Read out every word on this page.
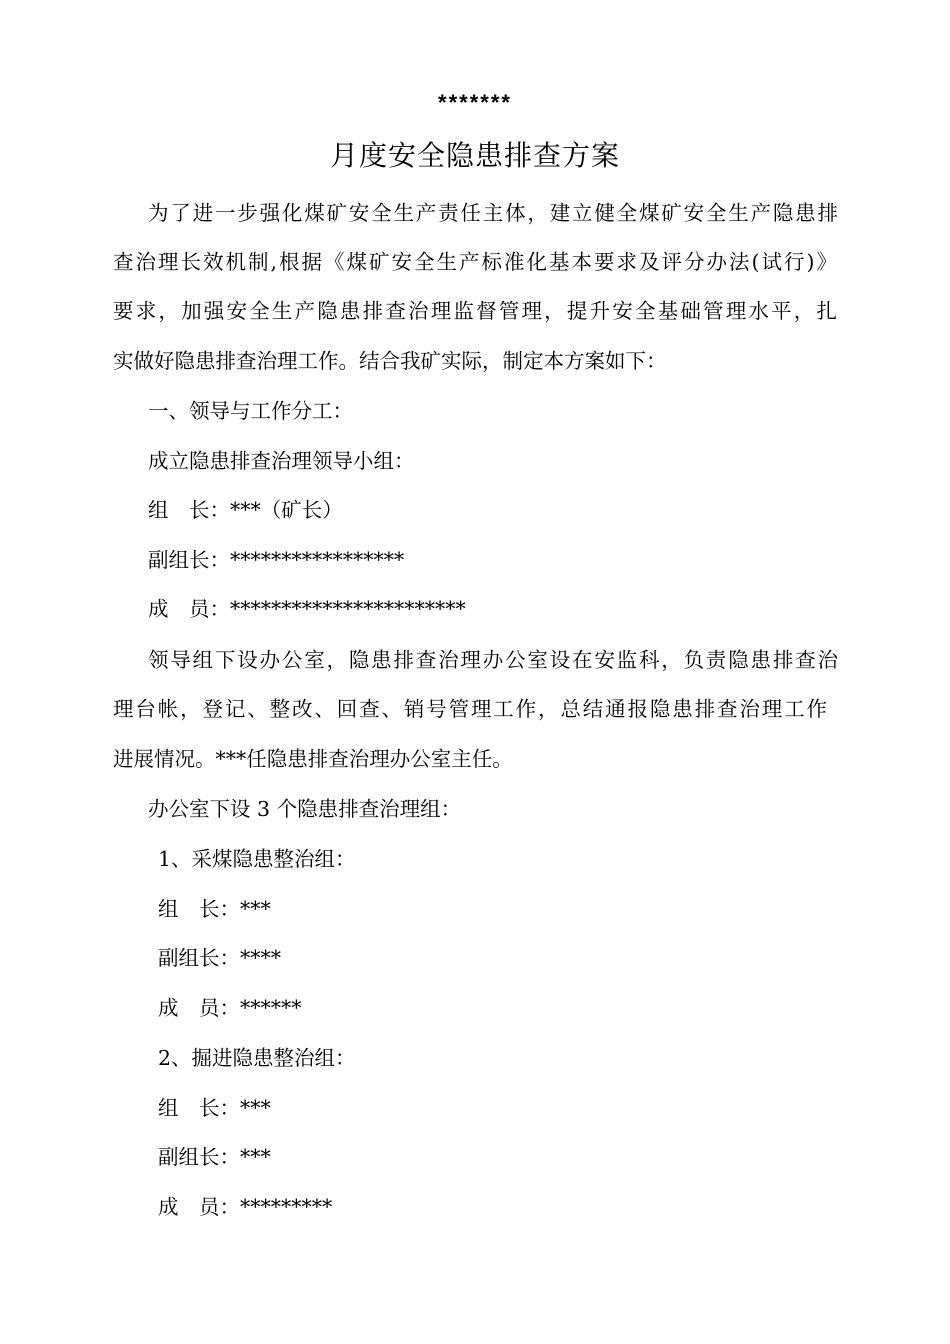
*******
月度安全隐患排查方案
为了进一步强化煤矿安全生产责任主体，建立健全煤矿安全生产隐患排
查治理长效机制,根据《煤矿安全生产标准化基本要求及评分办法(试行)》
要求，加强安全生产隐患排查治理监督管理，提升安全基础管理水平，扎
实做好隐患排查治理工作。结合我矿实际，制定本方案如下：
一、领导与工作分工：
成立隐患排查治理领导小组：
组　长：***（矿长）
副组长：*****************
成　员：***********************
领导组下设办公室，隐患排查治理办公室设在安监科，负责隐患排查治
理台帐，登记、整改、回查、销号管理工作，总结通报隐患排查治理工作
进展情况。***任隐患排查治理办公室主任。
办公室下设 3 个隐患排查治理组：
1、采煤隐患整治组：
组　长：***
副组长：****
成　员：******
2、掘进隐患整治组：
组　长：***
副组长：***
成　员：*********
